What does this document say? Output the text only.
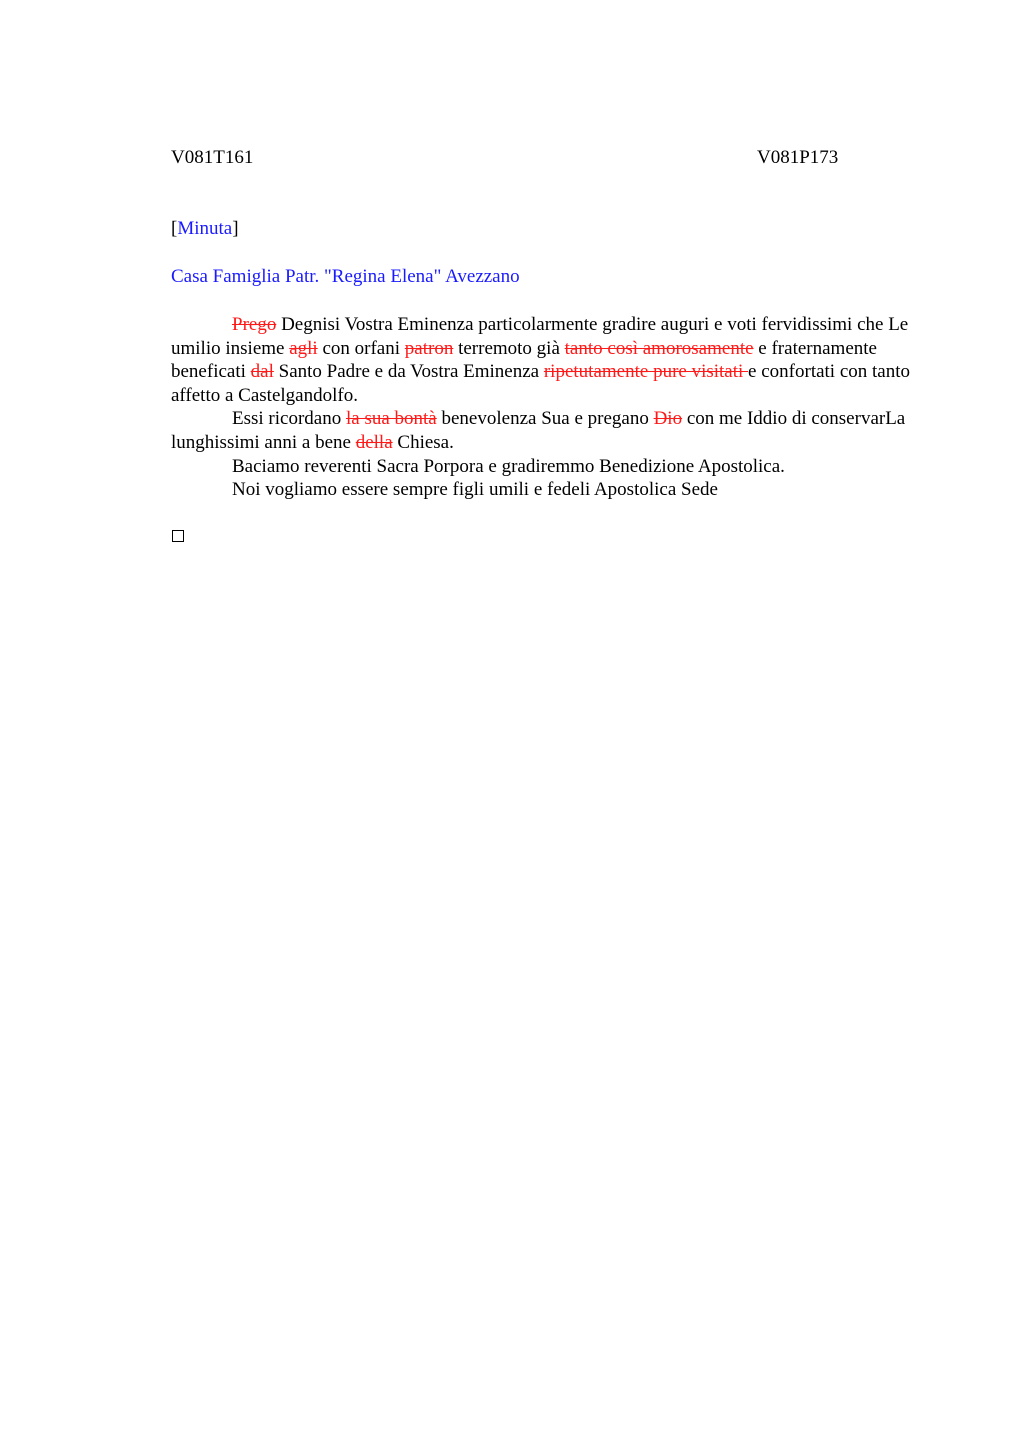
V081T161	V081P173
[Minuta]
Casa Famiglia Patr. "Regina Elena" Avezzano

Prego Degnisi Vostra Eminenza particolarmente gradire auguri e voti fervidissimi che Le umilio insieme agli con orfani patron terremoto già tanto così amorosamente e fraternamente beneficati dal Santo Padre e da Vostra Eminenza ripetutamente pure visitati e confortati con tanto affetto a Castelgandolfo.

Essi ricordano la sua bontà benevolenza Sua e pregano Dio con me Iddio di conservarLa lunghissimi anni a bene della Chiesa.

Baciamo reverenti Sacra Porpora e gradiremmo Benedizione Apostolica.

Noi vogliamo essere sempre figli umili e fedeli Apostolica Sede
